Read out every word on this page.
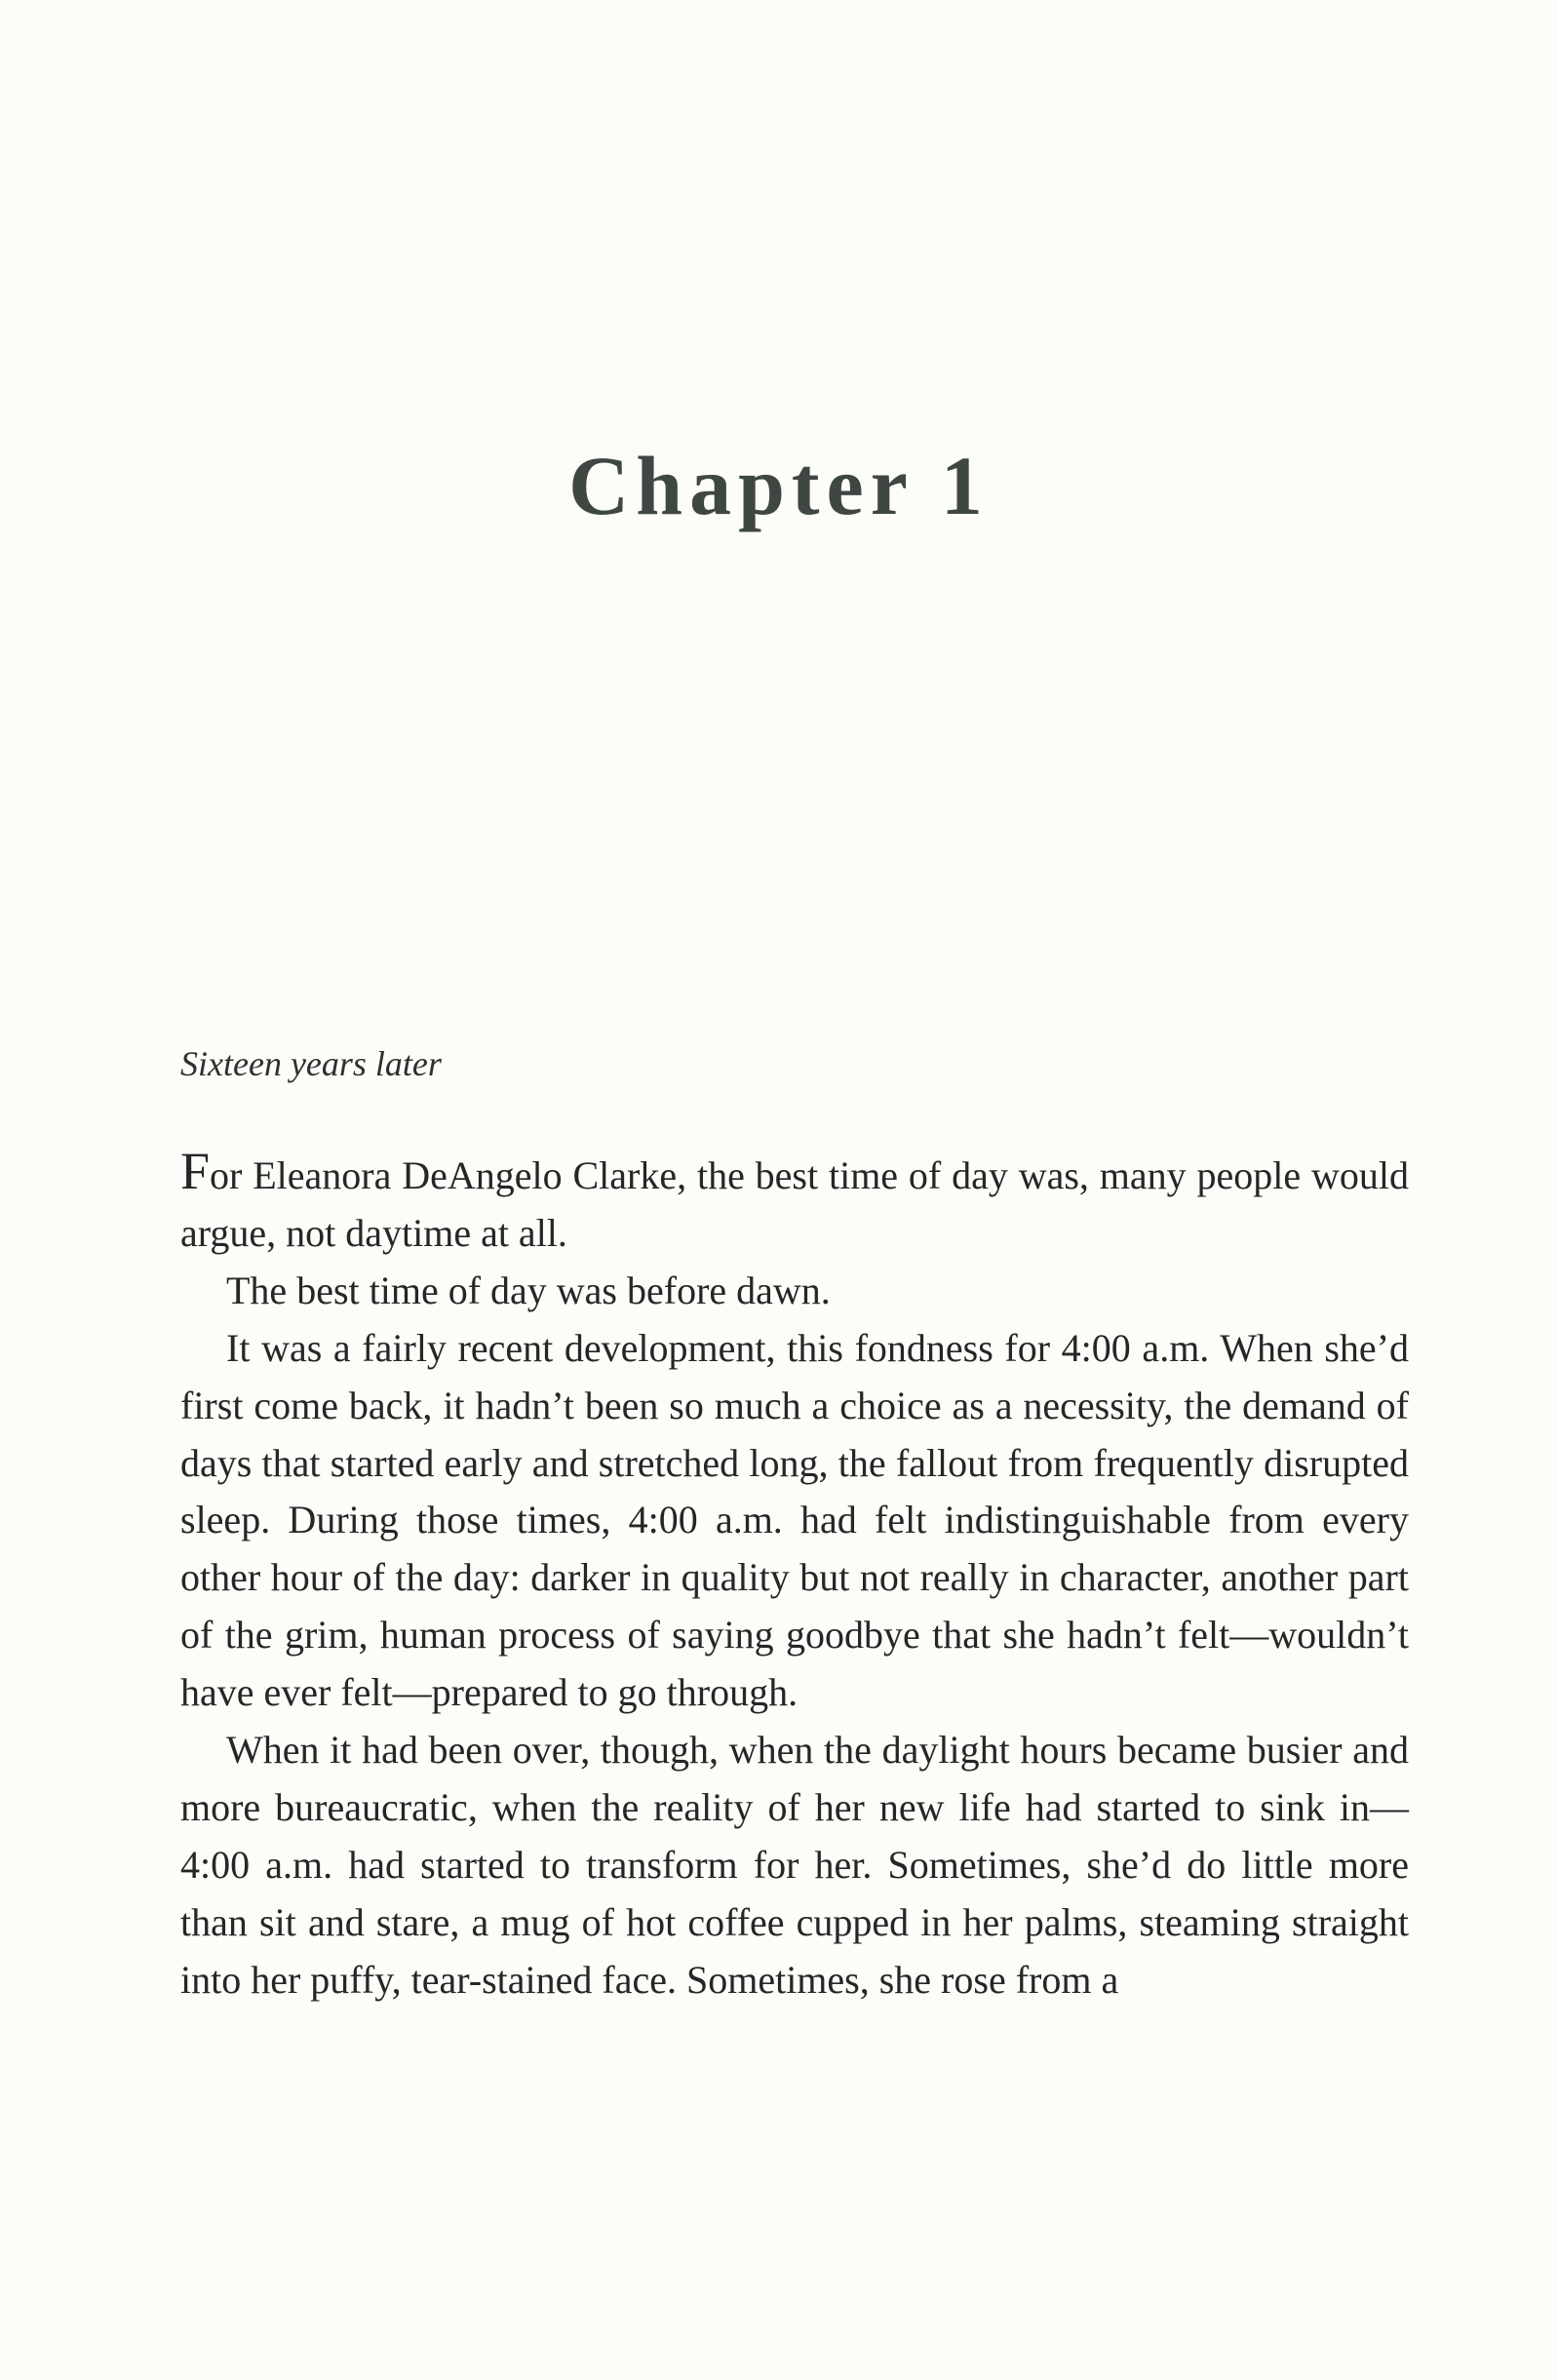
Chapter 1

Sixteen years later

For Eleanora DeAngelo Clarke, the best time of day was, many people would argue, not daytime at all.

The best time of day was before dawn.

It was a fairly recent development, this fondness for 4:00 a.m. When she’d first come back, it hadn’t been so much a choice as a necessity, the demand of days that started early and stretched long, the fallout from frequently disrupted sleep. During those times, 4:00 a.m. had felt indistinguishable from every other hour of the day: darker in quality but not really in character, another part of the grim, human process of saying goodbye that she hadn’t felt—wouldn’t have ever felt—prepared to go through.

When it had been over, though, when the daylight hours became busier and more bureaucratic, when the reality of her new life had started to sink in—4:00 a.m. had started to transform for her. Sometimes, she’d do little more than sit and stare, a mug of hot coffee cupped in her palms, steaming straight into her puffy, tear-stained face. Sometimes, she rose from a
